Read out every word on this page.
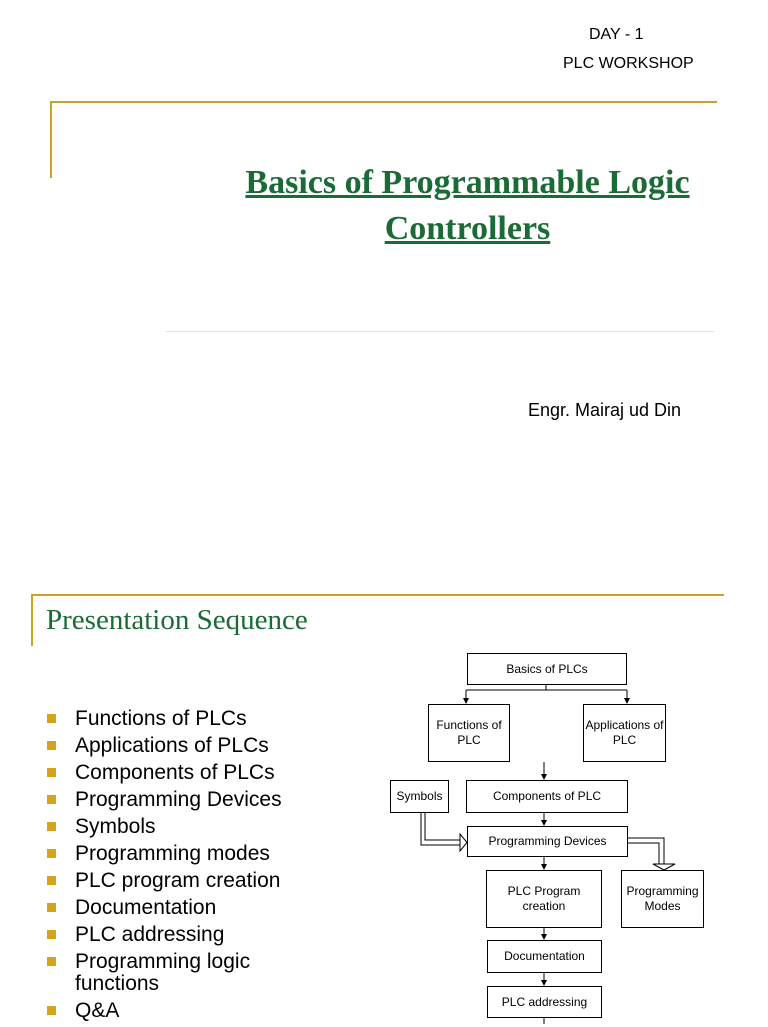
DAY - 1
PLC WORKSHOP
Basics of Programmable Logic Controllers
Engr. Mairaj ud Din
Presentation Sequence
Functions of PLCs
Applications of PLCs
Components of PLCs
Programming Devices
Symbols
Programming modes
PLC program creation
Documentation
PLC addressing
Programming logic functions
Q&A
Basics of PLCs
Functions of PLC
Applications of PLC
Symbols	Components of PLC
Programming Devices
PLC Program creation
Programming Modes
Documentation
PLC addressing
